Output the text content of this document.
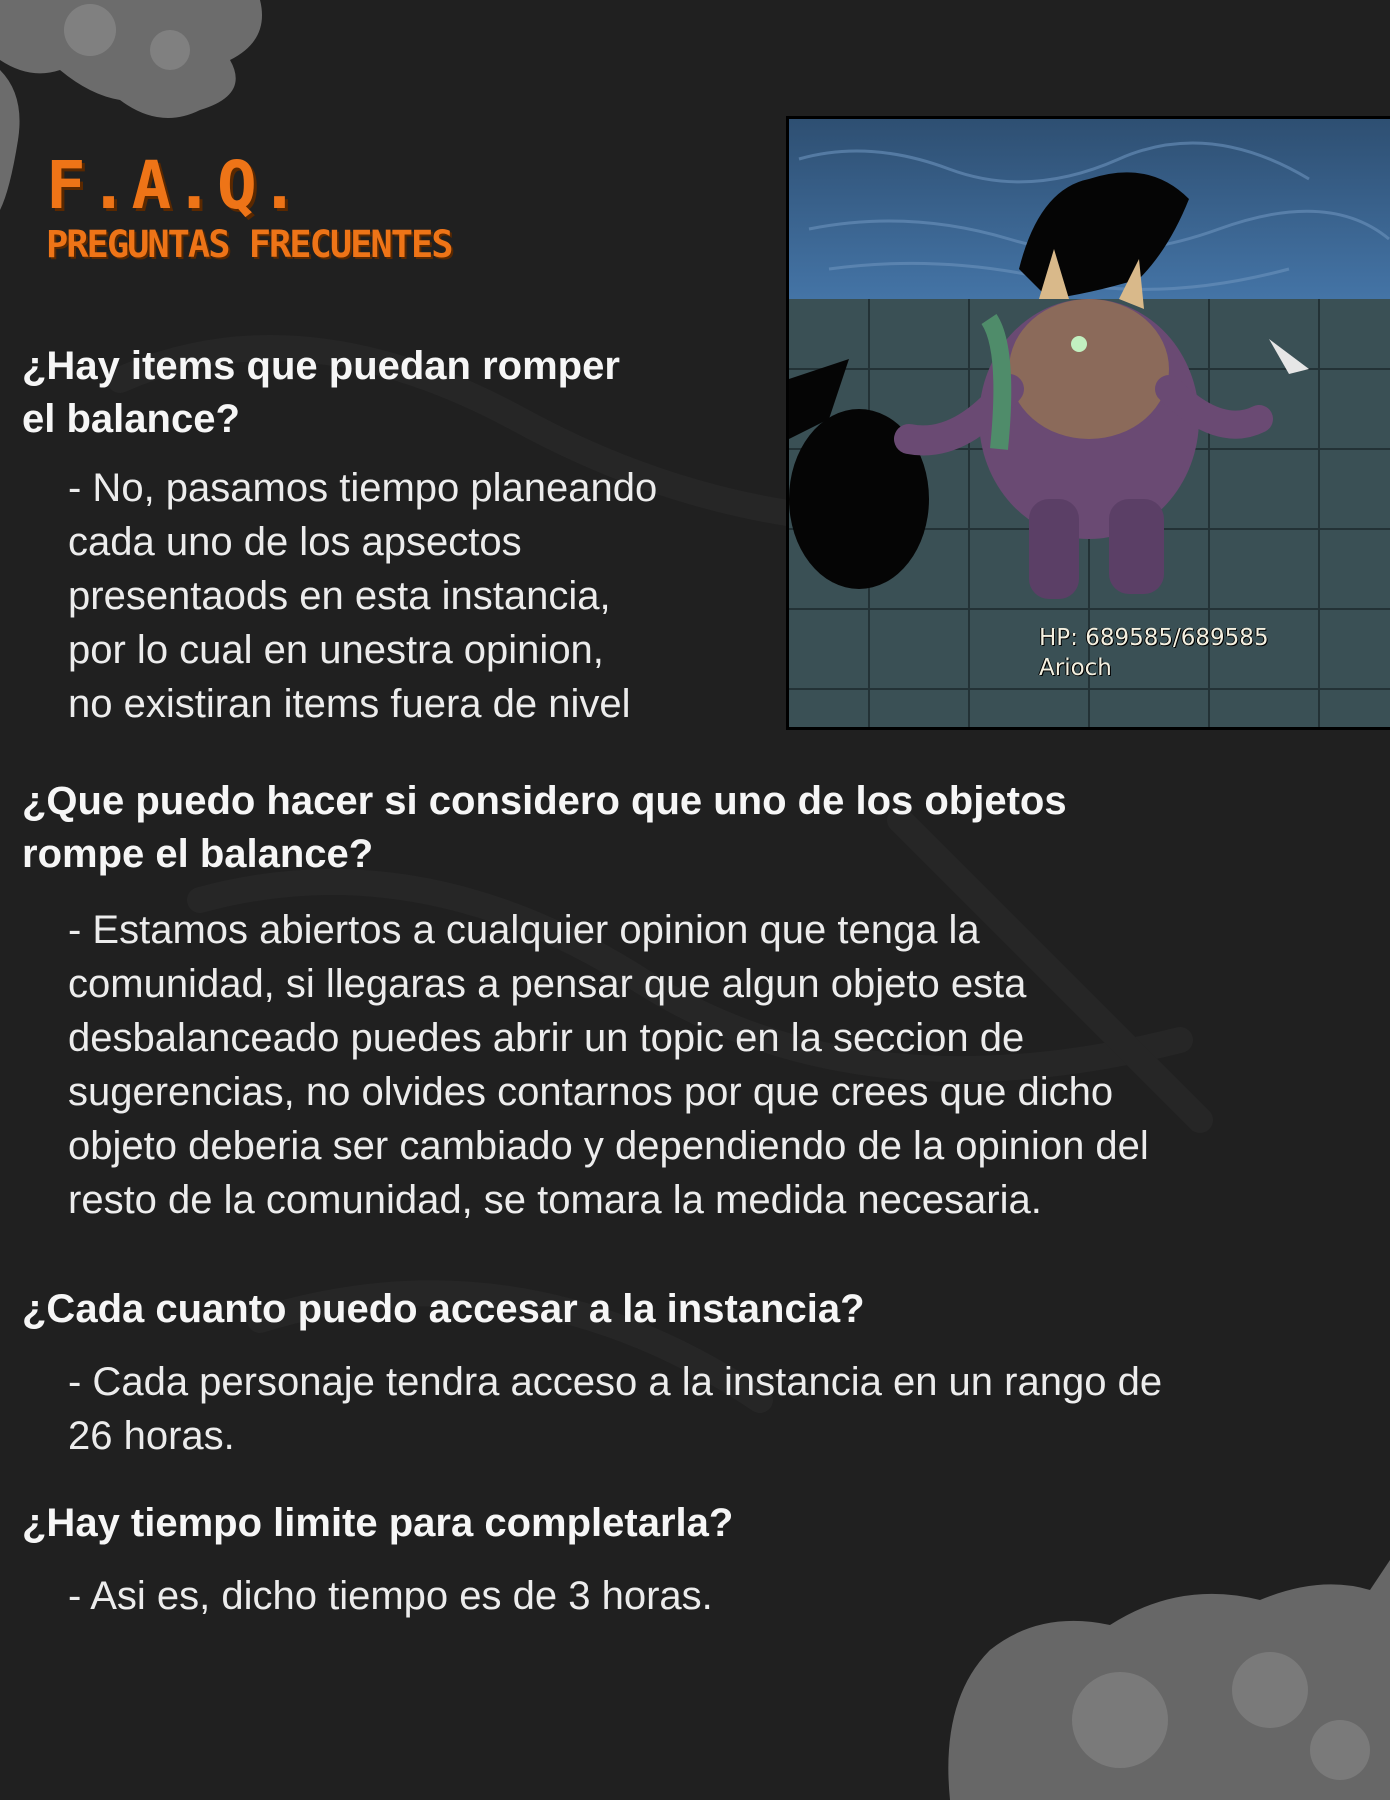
F.A.Q.
PREGUNTAS FRECUENTES
HP: 689585/689585
Arioch
¿Hay items que puedan romper
el balance?
- No, pasamos tiempo planeando
cada uno de los apsectos
presentaods en esta instancia,
por lo cual en unestra opinion,
no existiran items fuera de nivel
¿Que puedo hacer si considero que uno de los objetos
rompe el balance?
- Estamos abiertos a cualquier opinion que tenga la
comunidad, si llegaras a pensar que algun objeto esta
desbalanceado puedes abrir un topic en la seccion de
sugerencias, no olvides contarnos por que crees que dicho
objeto deberia ser cambiado y dependiendo de la opinion del
resto de la comunidad, se tomara la medida necesaria.
¿Cada cuanto puedo accesar a la instancia?
- Cada personaje tendra acceso a la instancia en un rango de
26 horas.
¿Hay tiempo limite para completarla?
- Asi es, dicho tiempo es de 3 horas.
